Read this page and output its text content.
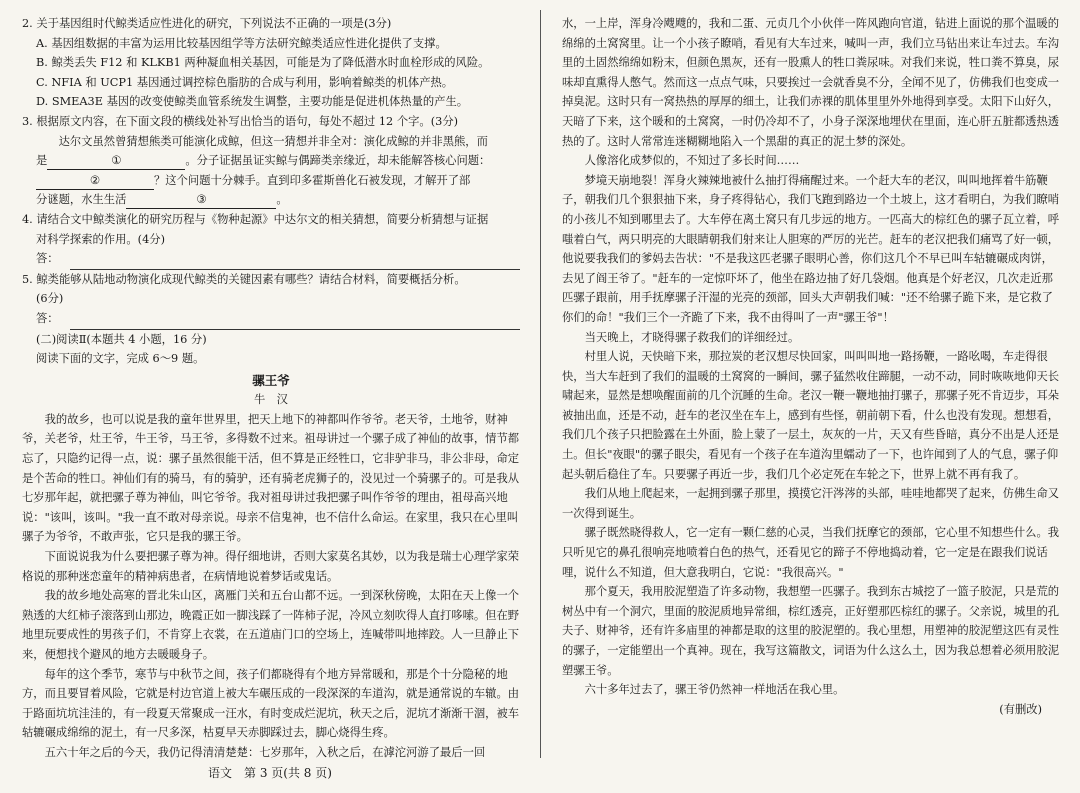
2. 关于基因组时代鲸类适应性进化的研究，下列说法不正确的一项是(3分)

A. 基因组数据的丰富为运用比较基因组学等方法研究鲸类适应性进化提供了支撑。

B. 鲸类丢失 F12 和 KLKB1 两种凝血相关基因，可能是为了降低潜水时血栓形成的风险。

C. NFIA 和 UCP1 基因通过调控棕色脂肪的合成与利用，影响着鲸类的机体产热。

D. SMEA3E 基因的改变使鲸类血管系统发生调整，主要功能是促进机体热量的产生。

3. 根据原文内容，在下面文段的横线处补写出恰当的语句，每处不超过 12 个字。(3分)

达尔文虽然曾猜想熊类可能演化成鲸，但这一猜想并非全对：演化成鲸的并非黑熊，而

是	①	。分子证据虽证实鲸与偶蹄类亲缘近，却未能解答核心问题：

②	？这个问题十分棘手。直到印多霍斯兽化石被发现，才解开了部

分谜题，水生生活	③	。

4. 请结合文中鲸类演化的研究历程与《物种起源》中达尔文的相关猜想，简要分析猜想与证据

对科学探索的作用。(4分)

答：

5. 鲸类能够从陆地动物演化成现代鲸类的关键因素有哪些？请结合材料，简要概括分析。

(6分)

答：

(二)阅读Ⅱ(本题共 4 小题，16 分)

阅读下面的文字，完成 6～9 题。

骡王爷

牛　汉

我的故乡，也可以说是我的童年世界里，把天上地下的神都叫作爷爷。老天爷，土地爷，财神爷，关老爷，灶王爷，牛王爷，马王爷，多得数不过来。祖母讲过一个骡子成了神仙的故事，情节都忘了，只隐约记得一点，说：骡子虽然很能干活，但不算是正经牲口，它非驴非马，非公非母，命定是个苦命的牲口。神仙们有的骑马，有的骑驴，还有骑老虎狮子的，没见过一个骑骡子的。可是我从七岁那年起，就把骡子尊为神仙，叫它爷爷。我对祖母讲过我把骡子叫作爷爷的理由，祖母高兴地说："该叫，该叫。"我一直不敢对母亲说。母亲不信鬼神，也不信什么命运。在家里，我只在心里叫骡子为爷爷，不敢声张，它只是我的骡王爷。

下面说说我为什么要把骡子尊为神。得仔细地讲，否则大家莫名其妙，以为我是瑞士心理学家荣格说的那种迷恋童年的精神病患者，在病情地说着梦话或鬼话。

我的故乡地处高寒的晋北朱山区，离雁门关和五台山都不远。一到深秋傍晚，太阳在天上像一个熟透的大红柿子滚落到山那边，晚霞正如一脚浅踩了一阵柿子泥，冷风立刻吹得人直打哆嗦。但在野地里玩要成性的男孩子们，不肯穿上衣裳，在五道庙门口的空场上，连喊带叫地摔跤。人一旦静止下来，便想找个避风的地方去暖暖身子。

每年的这个季节，寒节与中秋节之间，孩子们都晓得有个地方异常暖和，那是个十分隐秘的地方，而且要冒着风险，它就是村边官道上被大车碾压成的一段深深的车道沟，就是通常说的车辙。由于路面坑坑洼洼的，有一段夏天常聚成一汪水，有时变成烂泥坑，秋天之后，泥坑才渐渐干涸，被车轱辘碾成绵绵的泥土，有一尺多深，枯夏早天赤脚踩过去，脚心烧得生疼。

五六十年之后的今天，我仍记得清清楚楚：七岁那年，入秋之后，在滹沱河游了最后一回

语文　第 3 页(共 8 页)

水，一上岸，浑身冷飕飕的，我和二蛋、元贞几个小伙伴一阵风跑向官道，钻进上面说的那个温暖的绵绵的土窝窝里。让一个小孩子瞭哨，看见有大车过来，喊叫一声，我们立马钻出来让车过去。车沟里的土固然绵绵如粉末，但颜色黑灰，还有一股熏人的牲口粪尿味。对我们来说，牲口粪不算臭，尿味却直熏得人憋气。然而这一点点气味，只要挨过一会就香臭不分，全闻不见了，仿佛我们也变成一掉臭泥。这时只有一窝热热的厚厚的细土，让我们赤裸的肌体里里外外地得到享受。太阳下山好久，天暗了下来，这个暖和的土窝窝，一时仍冷却不了，小身子深深地埋伏在里面，连心肝五脏都透热透热的了。这时人常常连迷糊糊地陷入一个黑甜的真正的泥土梦的深处。

人像溶化成梦似的，不知过了多长时间……

梦境天崩地裂！浑身火辣辣地被什么抽打得痛醒过来。一个赶大车的老汉，叫叫地挥着牛筋鞭子，朝我们几个狠狠抽下来，身子疼得钻心，我们飞跑到路边一个土坡上，这才看明白，为我们瞭哨的小孩儿不知到哪里去了。大车停在离土窝只有几步远的地方。一匹高大的棕红色的骡子瓦立着，呼嗤着白气，两只明亮的大眼睛朝我们射来让人胆寒的严厉的光芒。赶车的老汉把我们痛骂了好一顿，他说要我我们的爹妈去告状："不是我这匹老骡子眼明心善，你们这几个不早已叫车轱辘碾成肉饼，去见了阎王爷了。"赶车的一定惊吓坏了，他坐在路边抽了好几袋烟。他真是个好老汉，几次走近那匹骡子跟前，用手抚摩骡子汗湿的光亮的颈部，回头大声朝我们喊："还不给骡子跪下来，是它救了你们的命！"我们三个一齐跪了下来，我不由得叫了一声"骡王爷"！

当天晚上，才晓得骡子救我们的详细经过。

村里人说，天快暗下来，那拉炭的老汉想尽快回家，叫叫叫地一路扬鞭，一路吆喝，车走得很快，当大车赶到了我们的温暖的土窝窝的一瞬间，骡子猛然收住蹄腿，一动不动，同时咴咴地仰天长啸起来，显然是想唤醒面前的几个沉睡的生命。老汉一鞭一鞭地抽打骡子，那骡子死不肯迈步，耳朵被抽出血，还是不动，赶车的老汉坐在车上，感到有些怪，朝前朝下看，什么也没有发现。想想看，我们几个孩子只把脸露在土外面，脸上蒙了一层土，灰灰的一片，天又有些昏暗，真分不出是人还是土。但长"夜眼"的骡子眼尖，看见有一个孩子在车道沟里蠕动了一下，也许闻到了人的气息，骡子仰起头朝后稳住了车。只要骡子再近一步，我们几个必定死在车轮之下，世界上就不再有我了。

我们从地上爬起来，一起拥到骡子那里，摸摸它汗涔涔的头部，哇哇地都哭了起来，仿佛生命又一次得到诞生。

骡子既然晓得救人，它一定有一颗仁慈的心灵，当我们抚摩它的颈部，它心里不知想些什么。我只听见它的鼻孔很响亮地喷着白色的热气，还看见它的蹄子不停地捣动着，它一定是在跟我们说话哩，说什么不知道，但大意我明白，它说："我很高兴。"

那个夏天，我用胶泥塑造了许多动物，我想塑一匹骡子。我到东古城挖了一篮子胶泥，只是荒的树丛中有一个洞穴，里面的胶泥质地异常细，棕红透亮，正好塑那匹棕红的骡子。父亲说，城里的孔夫子、财神爷，还有许多庙里的神都是取的这里的胶泥塑的。我心里想，用塑神的胶泥塑这匹有灵性的骡子，一定能塑出一个真神。现在，我写这篇散文，词语为什么这么土，因为我总想着必须用胶泥塑骡王爷。

六十多年过去了，骡王爷仍然神一样地活在我心里。

(有删改)
